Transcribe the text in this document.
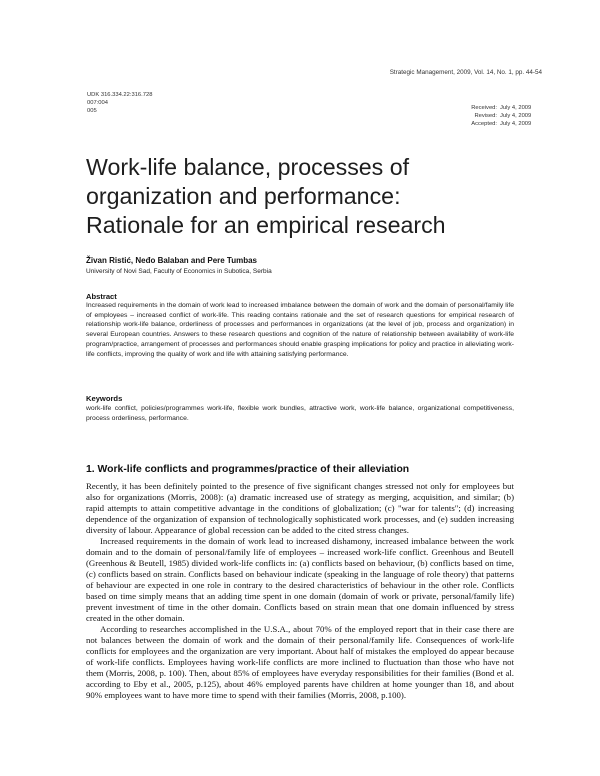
Strategic Management, 2009, Vol. 14, No. 1, pp. 44-54
UDK 316.334.22:316.728
007:004
005	Received: July 4, 2009
Revised: July 4, 2009
Accepted: July 4, 2009
Work-life balance, processes of
organization and performance:
Rationale for an empirical research

Živan Ristić, Neđo Balaban and Pere Tumbas

University of Novi Sad, Faculty of Economics in Subotica, Serbia

Abstract

Increased requirements in the domain of work lead to increased imbalance between the domain of work and the domain of personal/family life of employees – increased conflict of work-life. This reading contains rationale and the set of research questions for empirical research of relationship work-life balance, orderliness of processes and performances in organizations (at the level of job, process and organization) in several European countries. Answers to these research questions and cognition of the nature of relationship between availability of work-life program/practice, arrangement of processes and performances should enable grasping implications for policy and practice in alleviating work-life conflicts, improving the quality of work and life with attaining satisfying performance.

Keywords

work-life conflict, policies/programmes work-life, flexible work bundles, attractive work, work-life balance, organizational competitiveness, process orderliness, performance.

1. Work-life conflicts and programmes/practice of their alleviation

Recently, it has been definitely pointed to the presence of five significant changes stressed not only for employees but also for organizations (Morris, 2008): (a) dramatic increased use of strategy as merging, acquisition, and similar; (b) rapid attempts to attain competitive advantage in the conditions of globalization; (c) "war for talents"; (d) increasing dependence of the organization of expansion of technologically sophisticated work processes, and (e) sudden increasing diversity of labour. Appearance of global recession can be added to the cited stress changes.

Increased requirements in the domain of work lead to increased dishamony, increased imbalance between the work domain and to the domain of personal/family life of employees – increased work-life conflict. Greenhous and Beutell (Greenhous & Beutell, 1985) divided work-life conflicts in: (a) conflicts based on behaviour, (b) conflicts based on time, (c) conflicts based on strain. Conflicts based on behaviour indicate (speaking in the language of role theory) that patterns of behaviour are expected in one role in contrary to the desired characteristics of behaviour in the other role. Conflicts based on time simply means that an adding time spent in one domain (domain of work or private, personal/family life) prevent investment of time in the other domain. Conflicts based on strain mean that one domain influenced by stress created in the other domain.

According to researches accomplished in the U.S.A., about 70% of the employed report that in their case there are not balances between the domain of work and the domain of their personal/family life. Consequences of work-life conflicts for employees and the organization are very important. About half of mistakes the employed do appear because of work-life conflicts. Employees having work-life conflicts are more inclined to fluctuation than those who have not them (Morris, 2008, p. 100). Then, about 85% of employees have everyday responsibilities for their families (Bond et al. according to Eby et al., 2005, p.125), about 46% employed parents have children at home younger than 18, and about 90% employees want to have more time to spend with their families (Morris, 2008, p.100).
